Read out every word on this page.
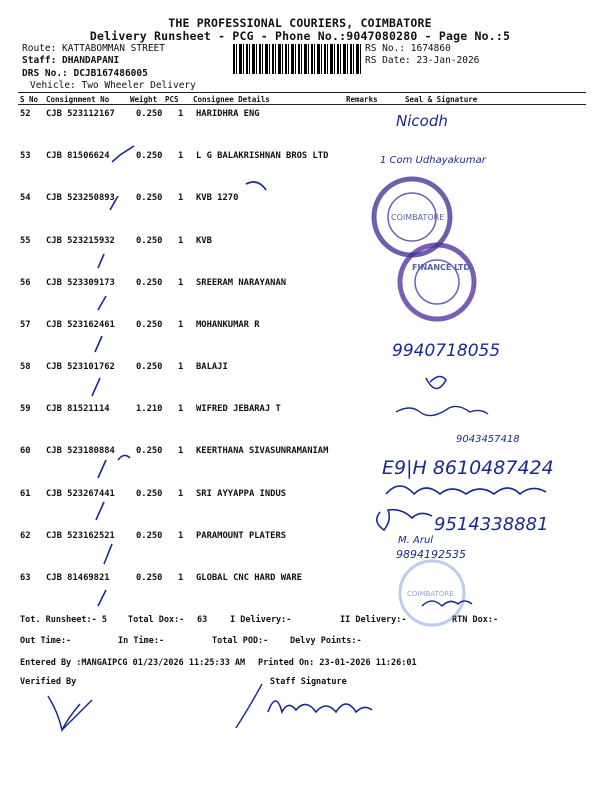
THE PROFESSIONAL COURIERS, COIMBATORE
Delivery Runsheet - PCG - Phone No.:9047080280 - Page No.:5
Route: KATTABOMMAN STREET
Staff: DHANDAPANI
DRS No.: DCJB167486005
Vehicle: Two Wheeler Delivery
RS No.: 1674860
RS Date: 23-Jan-2026
S No Consignment No	Weight PCS Consignee Details	Remarks	Seal & Signature
52 CJB 523112167 0.250 1 HARIDHRA ENG
53 CJB 81506624	0.250 1 L G BALAKRISHNAN BROS LTD
54 CJB 523250893 0.250 1 KVB 1270
55 CJB 523215932 0.250 1 KVB
56 CJB 523309173 0.250 1 SREERAM NARAYANAN
57 CJB 523162461 0.250 1 MOHANKUMAR R
58 CJB 523101762 0.250 1 BALAJI
59 CJB 81521114	1.210 1 WIFRED JEBARAJ T
60 CJB 523180884 0.250 1 KEERTHANA SIVASUNRAMANIAM
61 CJB 523267441 0.250 1 SRI AYYAPPA INDUS
62 CJB 523162521 0.250 1 PARAMOUNT PLATERS
63 CJB 81469821	0.250 1 GLOBAL CNC HARD WARE
Tot. Runsheet:- 5 Total Dox:- 63	I Delivery:-	II Delivery:-	RTN Dox:-
Out Time:-	In Time:-	Total POD:-	Delvy Points:-
Entered By :MANGAIPCG 01/23/2026 11:25:33 AM Printed On: 23-01-2026 11:26:01
Verified By	Staff Signature
COIMBATORE
FINANCE LTD
COIMBATORE
Nicodh
1 Com Udhayakumar
9940718055
9043457418
E9|H 8610487424
M. Arul
9514338881
9894192535
